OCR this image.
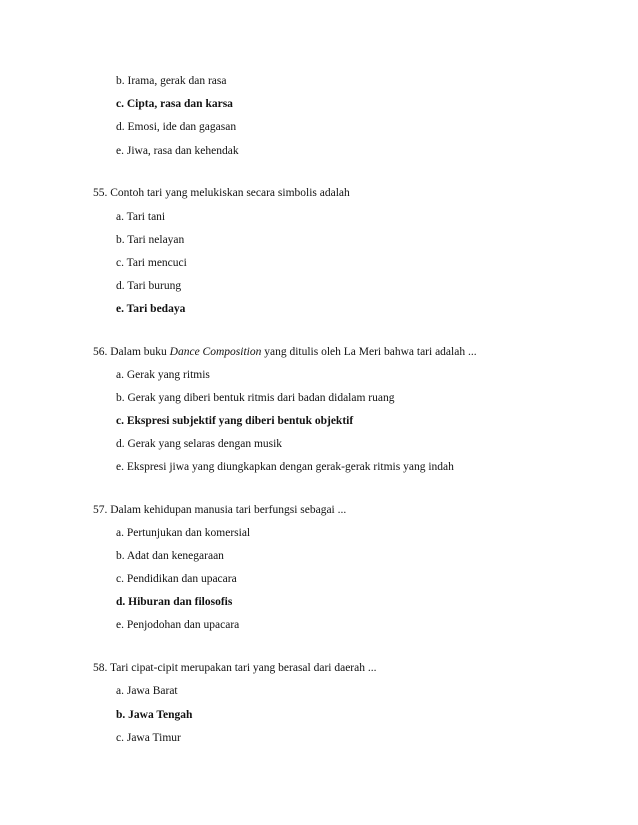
b. Irama, gerak dan rasa
c. Cipta, rasa dan karsa
d. Emosi, ide dan gagasan
e. Jiwa, rasa dan kehendak
55. Contoh tari yang melukiskan secara simbolis adalah
a. Tari tani
b. Tari nelayan
c. Tari mencuci
d. Tari burung
e. Tari bedaya
56. Dalam buku Dance Composition yang ditulis oleh La Meri bahwa tari adalah ...
a. Gerak yang ritmis
b. Gerak yang diberi bentuk ritmis dari badan didalam ruang
c. Ekspresi subjektif yang diberi bentuk objektif
d. Gerak yang selaras dengan musik
e. Ekspresi jiwa yang diungkapkan dengan gerak-gerak ritmis yang indah
57. Dalam kehidupan manusia tari berfungsi sebagai ...
a. Pertunjukan dan komersial
b. Adat dan kenegaraan
c. Pendidikan dan upacara
d. Hiburan dan filosofis
e. Penjodohan dan upacara
58. Tari cipat-cipit merupakan tari yang berasal dari daerah ...
a. Jawa Barat
b. Jawa Tengah
c. Jawa Timur
